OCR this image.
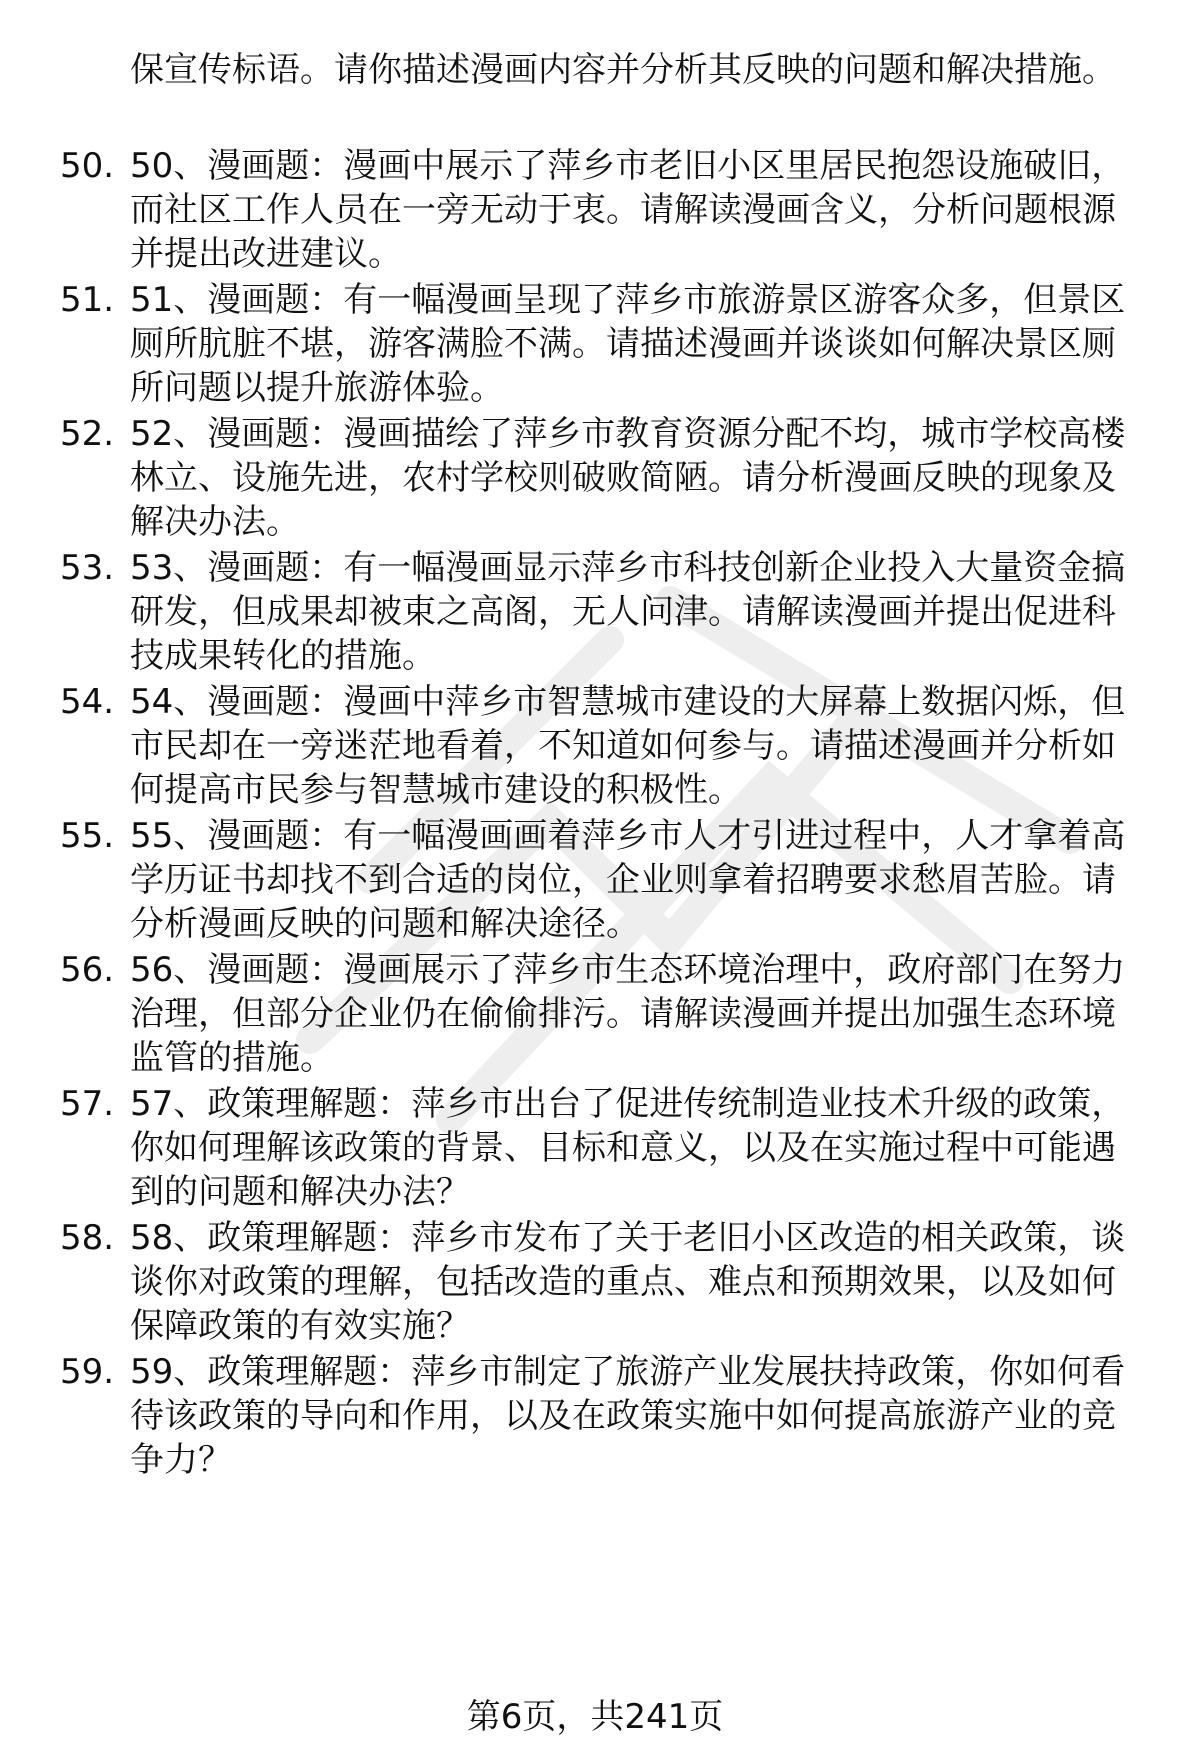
保宣传标语。请你描述漫画内容并分析其反映的问题和解决措施。
50. 50、漫画题：漫画中展示了萍乡市老旧小区里居民抱怨设施破旧，而社区工作人员在一旁无动于衷。请解读漫画含义，分析问题根源并提出改进建议。
51. 51、漫画题：有一幅漫画呈现了萍乡市旅游景区游客众多，但景区厕所肮脏不堪，游客满脸不满。请描述漫画并谈谈如何解决景区厕所问题以提升旅游体验。
52. 52、漫画题：漫画描绘了萍乡市教育资源分配不均，城市学校高楼林立、设施先进，农村学校则破败简陋。请分析漫画反映的现象及解决办法。
53. 53、漫画题：有一幅漫画显示萍乡市科技创新企业投入大量资金搞研发，但成果却被束之高阁，无人问津。请解读漫画并提出促进科技成果转化的措施。
54. 54、漫画题：漫画中萍乡市智慧城市建设的大屏幕上数据闪烁，但市民却在一旁迷茫地看着，不知道如何参与。请描述漫画并分析如何提高市民参与智慧城市建设的积极性。
55. 55、漫画题：有一幅漫画画着萍乡市人才引进过程中，人才拿着高学历证书却找不到合适的岗位，企业则拿着招聘要求愁眉苦脸。请分析漫画反映的问题和解决途径。
56. 56、漫画题：漫画展示了萍乡市生态环境治理中，政府部门在努力治理，但部分企业仍在偷偷排污。请解读漫画并提出加强生态环境监管的措施。
57. 57、政策理解题：萍乡市出台了促进传统制造业技术升级的政策，你如何理解该政策的背景、目标和意义，以及在实施过程中可能遇到的问题和解决办法？
58. 58、政策理解题：萍乡市发布了关于老旧小区改造的相关政策，谈谈你对政策的理解，包括改造的重点、难点和预期效果，以及如何保障政策的有效实施？
59. 59、政策理解题：萍乡市制定了旅游产业发展扶持政策，你如何看待该政策的导向和作用，以及在政策实施中如何提高旅游产业的竞争力？
第6页，共241页
